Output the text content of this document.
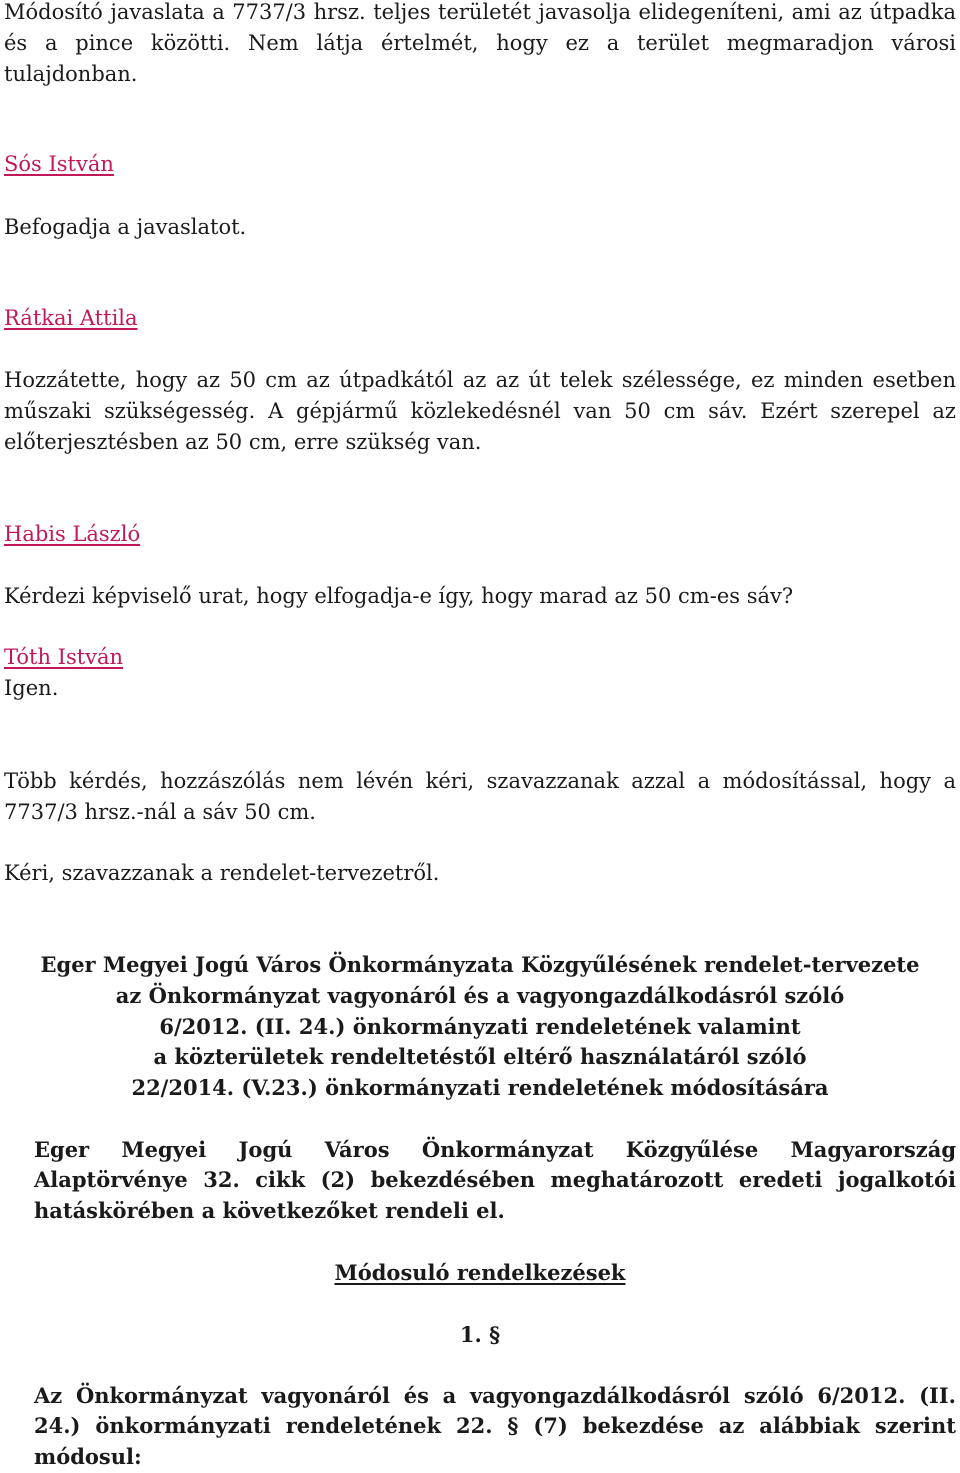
Módosító javaslata a 7737/3 hrsz. teljes területét javasolja elidegeníteni, ami az útpadka

és a pince közötti. Nem látja értelmét, hogy ez a terület megmaradjon városi

tulajdonban.

Sós István

Befogadja a javaslatot.

Rátkai Attila

Hozzátette, hogy az 50 cm az útpadkától az az út telek szélessége, ez minden esetben

műszaki szükségesség. A gépjármű közlekedésnél van 50 cm sáv. Ezért szerepel az

előterjesztésben az 50 cm, erre szükség van.

Habis László

Kérdezi képviselő urat, hogy elfogadja-e így, hogy marad az 50 cm-es sáv?

Tóth István

Igen.

Több kérdés, hozzászólás nem lévén kéri, szavazzanak azzal a módosítással, hogy a

7737/3 hrsz.-nál a sáv 50 cm.

Kéri, szavazzanak a rendelet-tervezetről.

Eger Megyei Jogú Város Önkormányzata Közgyűlésének rendelet-tervezete

az Önkormányzat vagyonáról és a vagyongazdálkodásról szóló

6/2012. (II. 24.) önkormányzati rendeletének valamint

a közterületek rendeltetéstől eltérő használatáról szóló

22/2014. (V.23.) önkormányzati rendeletének módosítására

Eger Megyei Jogú Város Önkormányzat Közgyűlése Magyarország

Alaptörvénye 32. cikk (2) bekezdésében meghatározott eredeti jogalkotói

hatáskörében a következőket rendeli el.

Módosuló rendelkezések

1. §

Az Önkormányzat vagyonáról és a vagyongazdálkodásról szóló 6/2012. (II.

24.) önkormányzati rendeletének 22. § (7) bekezdése az alábbiak szerint

módosul:
